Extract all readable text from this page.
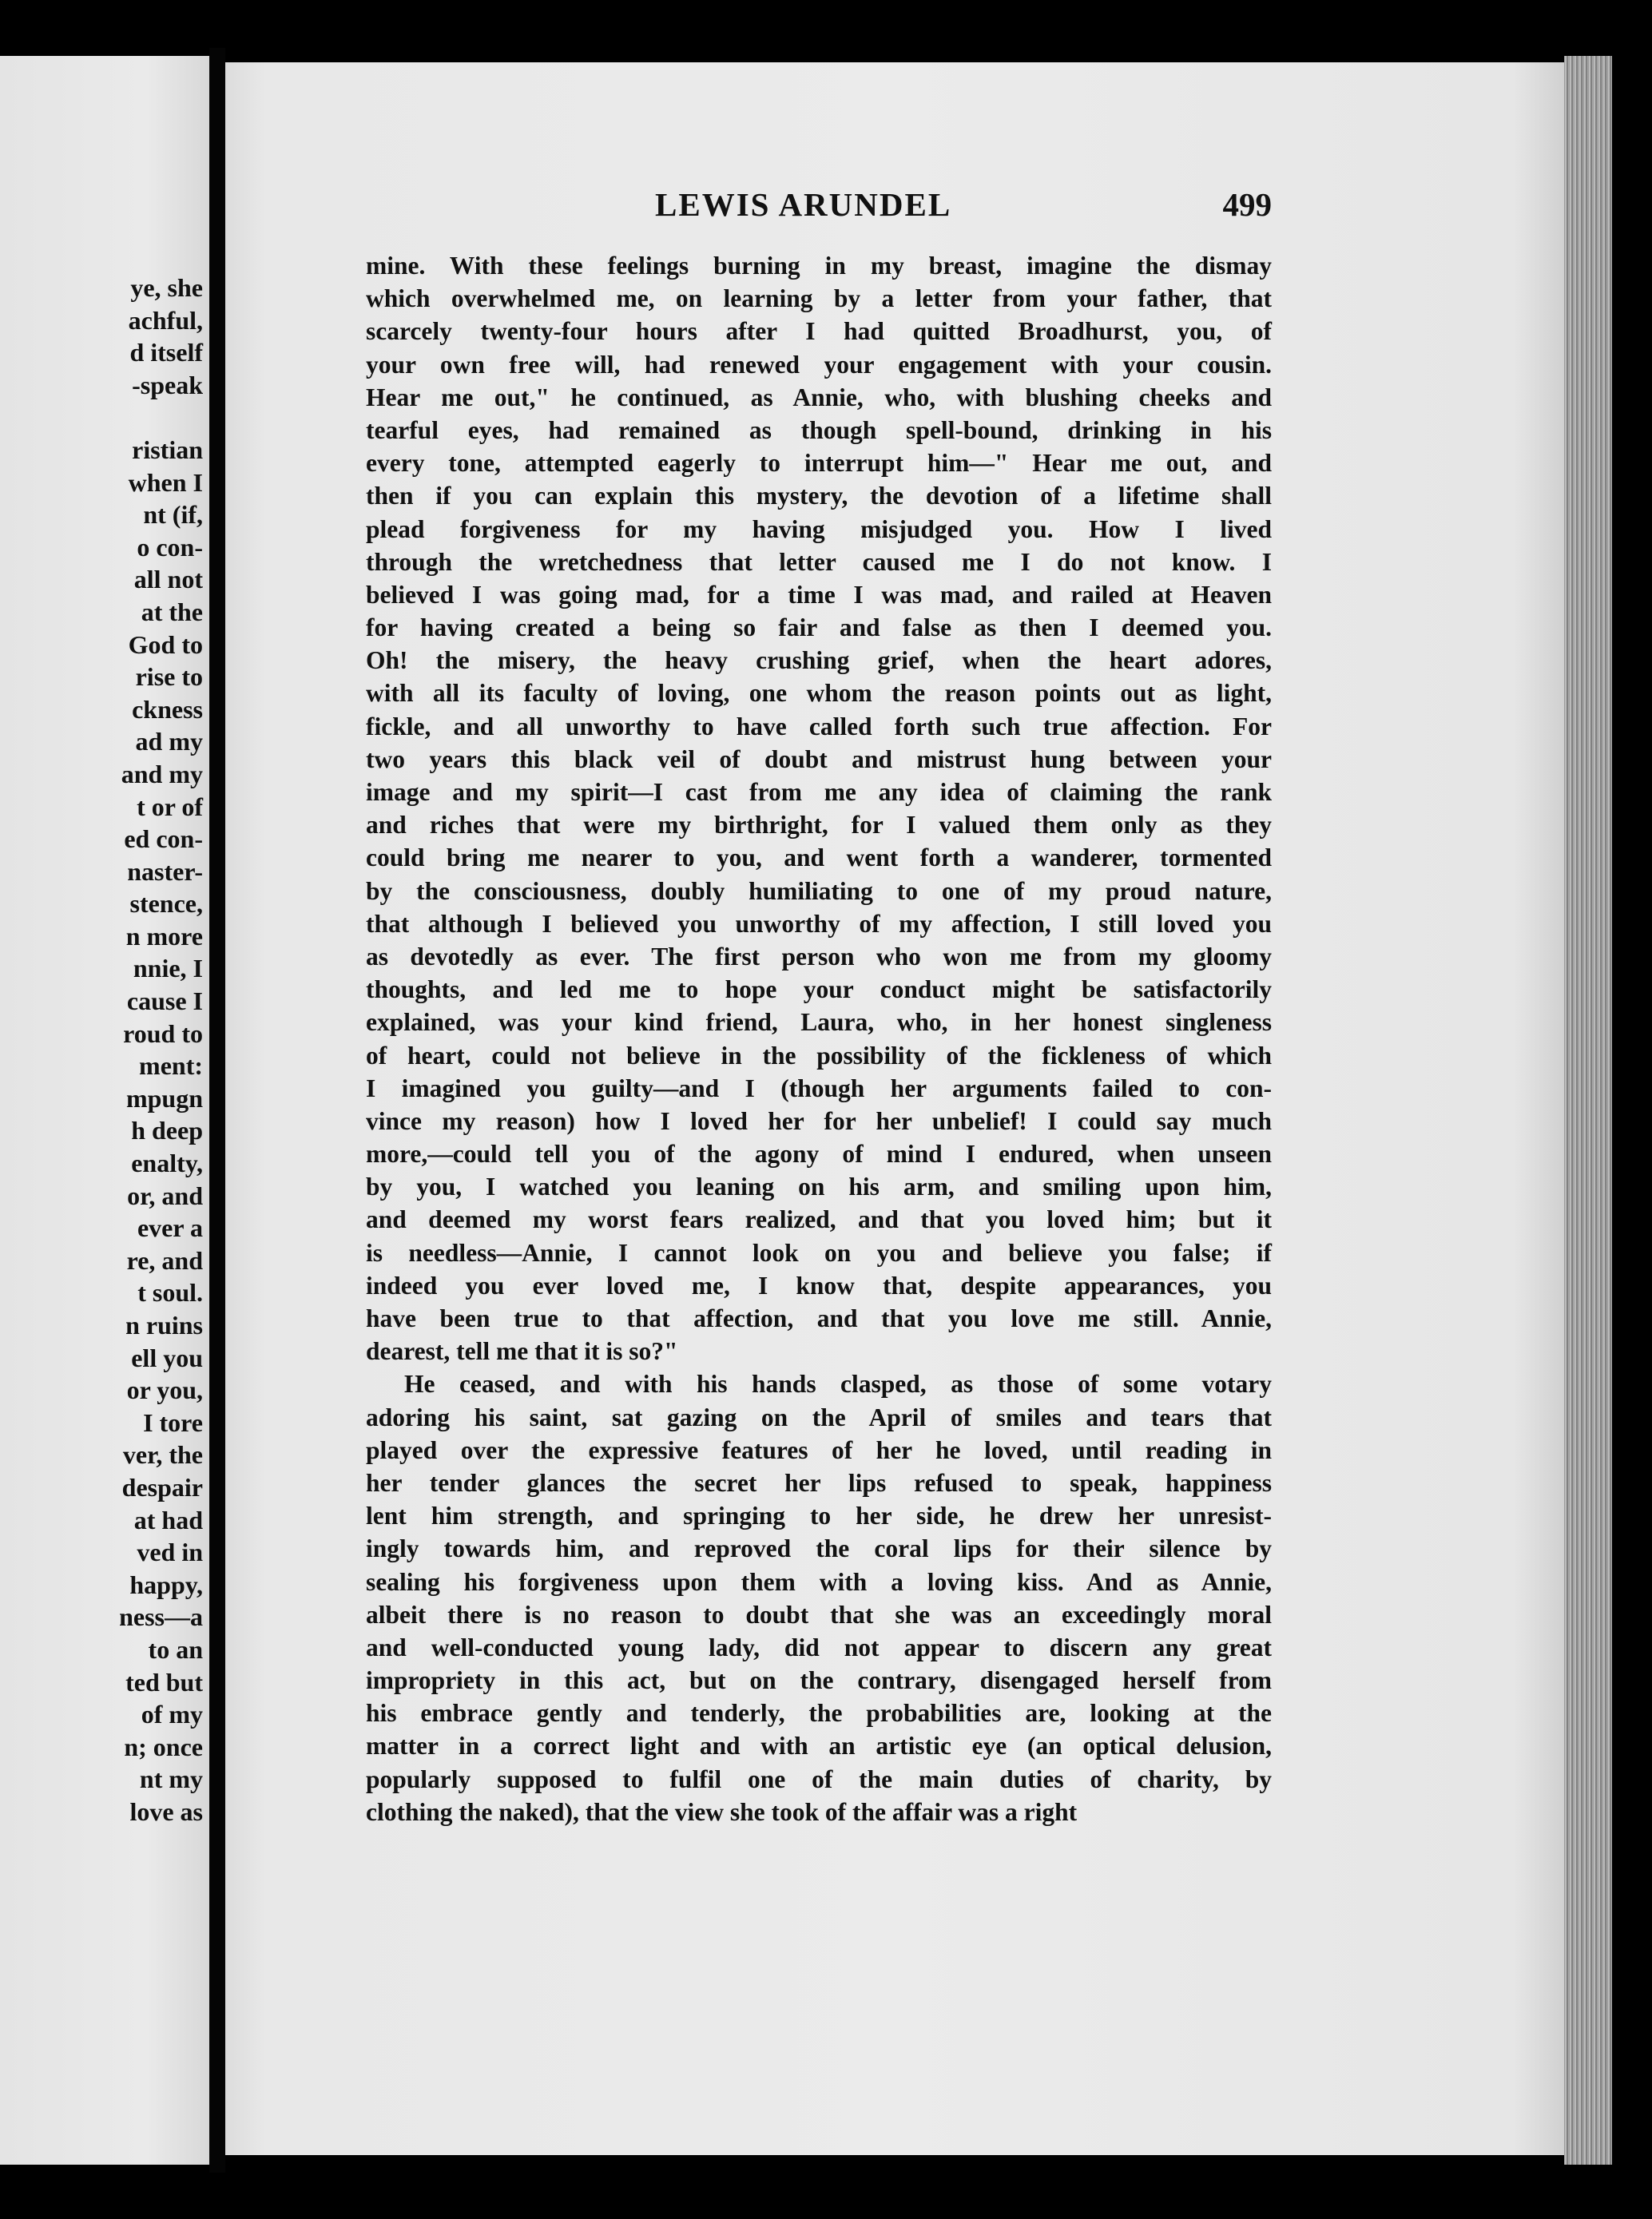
ye, she
achful,
d itself
-speak
ristian
when I
nt (if,
o con-
all not
at the
God to
rise to
ckness
ad my
and my
t or of
ed con-
naster-
stence,
n more
nnie, I
cause I
roud to
ment:
mpugn
h deep
enalty,
or, and
ever a
re, and
t soul.
n ruins
ell you
or you,
I tore
ver, the
despair
at had
ved in
happy,
ness—a
to an
ted but
of my
n; once
nt my
love as
LEWIS ARUNDEL	499
mine. With these feelings burning in my breast, imagine the dismay
which overwhelmed me, on learning by a letter from your father, that
scarcely twenty-four hours after I had quitted Broadhurst, you, of
your own free will, had renewed your engagement with your cousin.
Hear me out," he continued, as Annie, who, with blushing cheeks and
tearful eyes, had remained as though spell-bound, drinking in his
every tone, attempted eagerly to interrupt him—" Hear me out, and
then if you can explain this mystery, the devotion of a lifetime shall
plead forgiveness for my having misjudged you. How I lived
through the wretchedness that letter caused me I do not know. I
believed I was going mad, for a time I was mad, and railed at Heaven
for having created a being so fair and false as then I deemed you.
Oh! the misery, the heavy crushing grief, when the heart adores,
with all its faculty of loving, one whom the reason points out as light,
fickle, and all unworthy to have called forth such true affection. For
two years this black veil of doubt and mistrust hung between your
image and my spirit—I cast from me any idea of claiming the rank
and riches that were my birthright, for I valued them only as they
could bring me nearer to you, and went forth a wanderer, tormented
by the consciousness, doubly humiliating to one of my proud nature,
that although I believed you unworthy of my affection, I still loved you
as devotedly as ever. The first person who won me from my gloomy
thoughts, and led me to hope your conduct might be satisfactorily
explained, was your kind friend, Laura, who, in her honest singleness
of heart, could not believe in the possibility of the fickleness of which
I imagined you guilty—and I (though her arguments failed to con-
vince my reason) how I loved her for her unbelief! I could say much
more,—could tell you of the agony of mind I endured, when unseen
by you, I watched you leaning on his arm, and smiling upon him,
and deemed my worst fears realized, and that you loved him; but it
is needless—Annie, I cannot look on you and believe you false; if
indeed you ever loved me, I know that, despite appearances, you
have been true to that affection, and that you love me still. Annie,
dearest, tell me that it is so?"
He ceased, and with his hands clasped, as those of some votary
adoring his saint, sat gazing on the April of smiles and tears that
played over the expressive features of her he loved, until reading in
her tender glances the secret her lips refused to speak, happiness
lent him strength, and springing to her side, he drew her unresist-
ingly towards him, and reproved the coral lips for their silence by
sealing his forgiveness upon them with a loving kiss. And as Annie,
albeit there is no reason to doubt that she was an exceedingly moral
and well-conducted young lady, did not appear to discern any great
impropriety in this act, but on the contrary, disengaged herself from
his embrace gently and tenderly, the probabilities are, looking at the
matter in a correct light and with an artistic eye (an optical delusion,
popularly supposed to fulfil one of the main duties of charity, by
clothing the naked), that the view she took of the affair was a right
